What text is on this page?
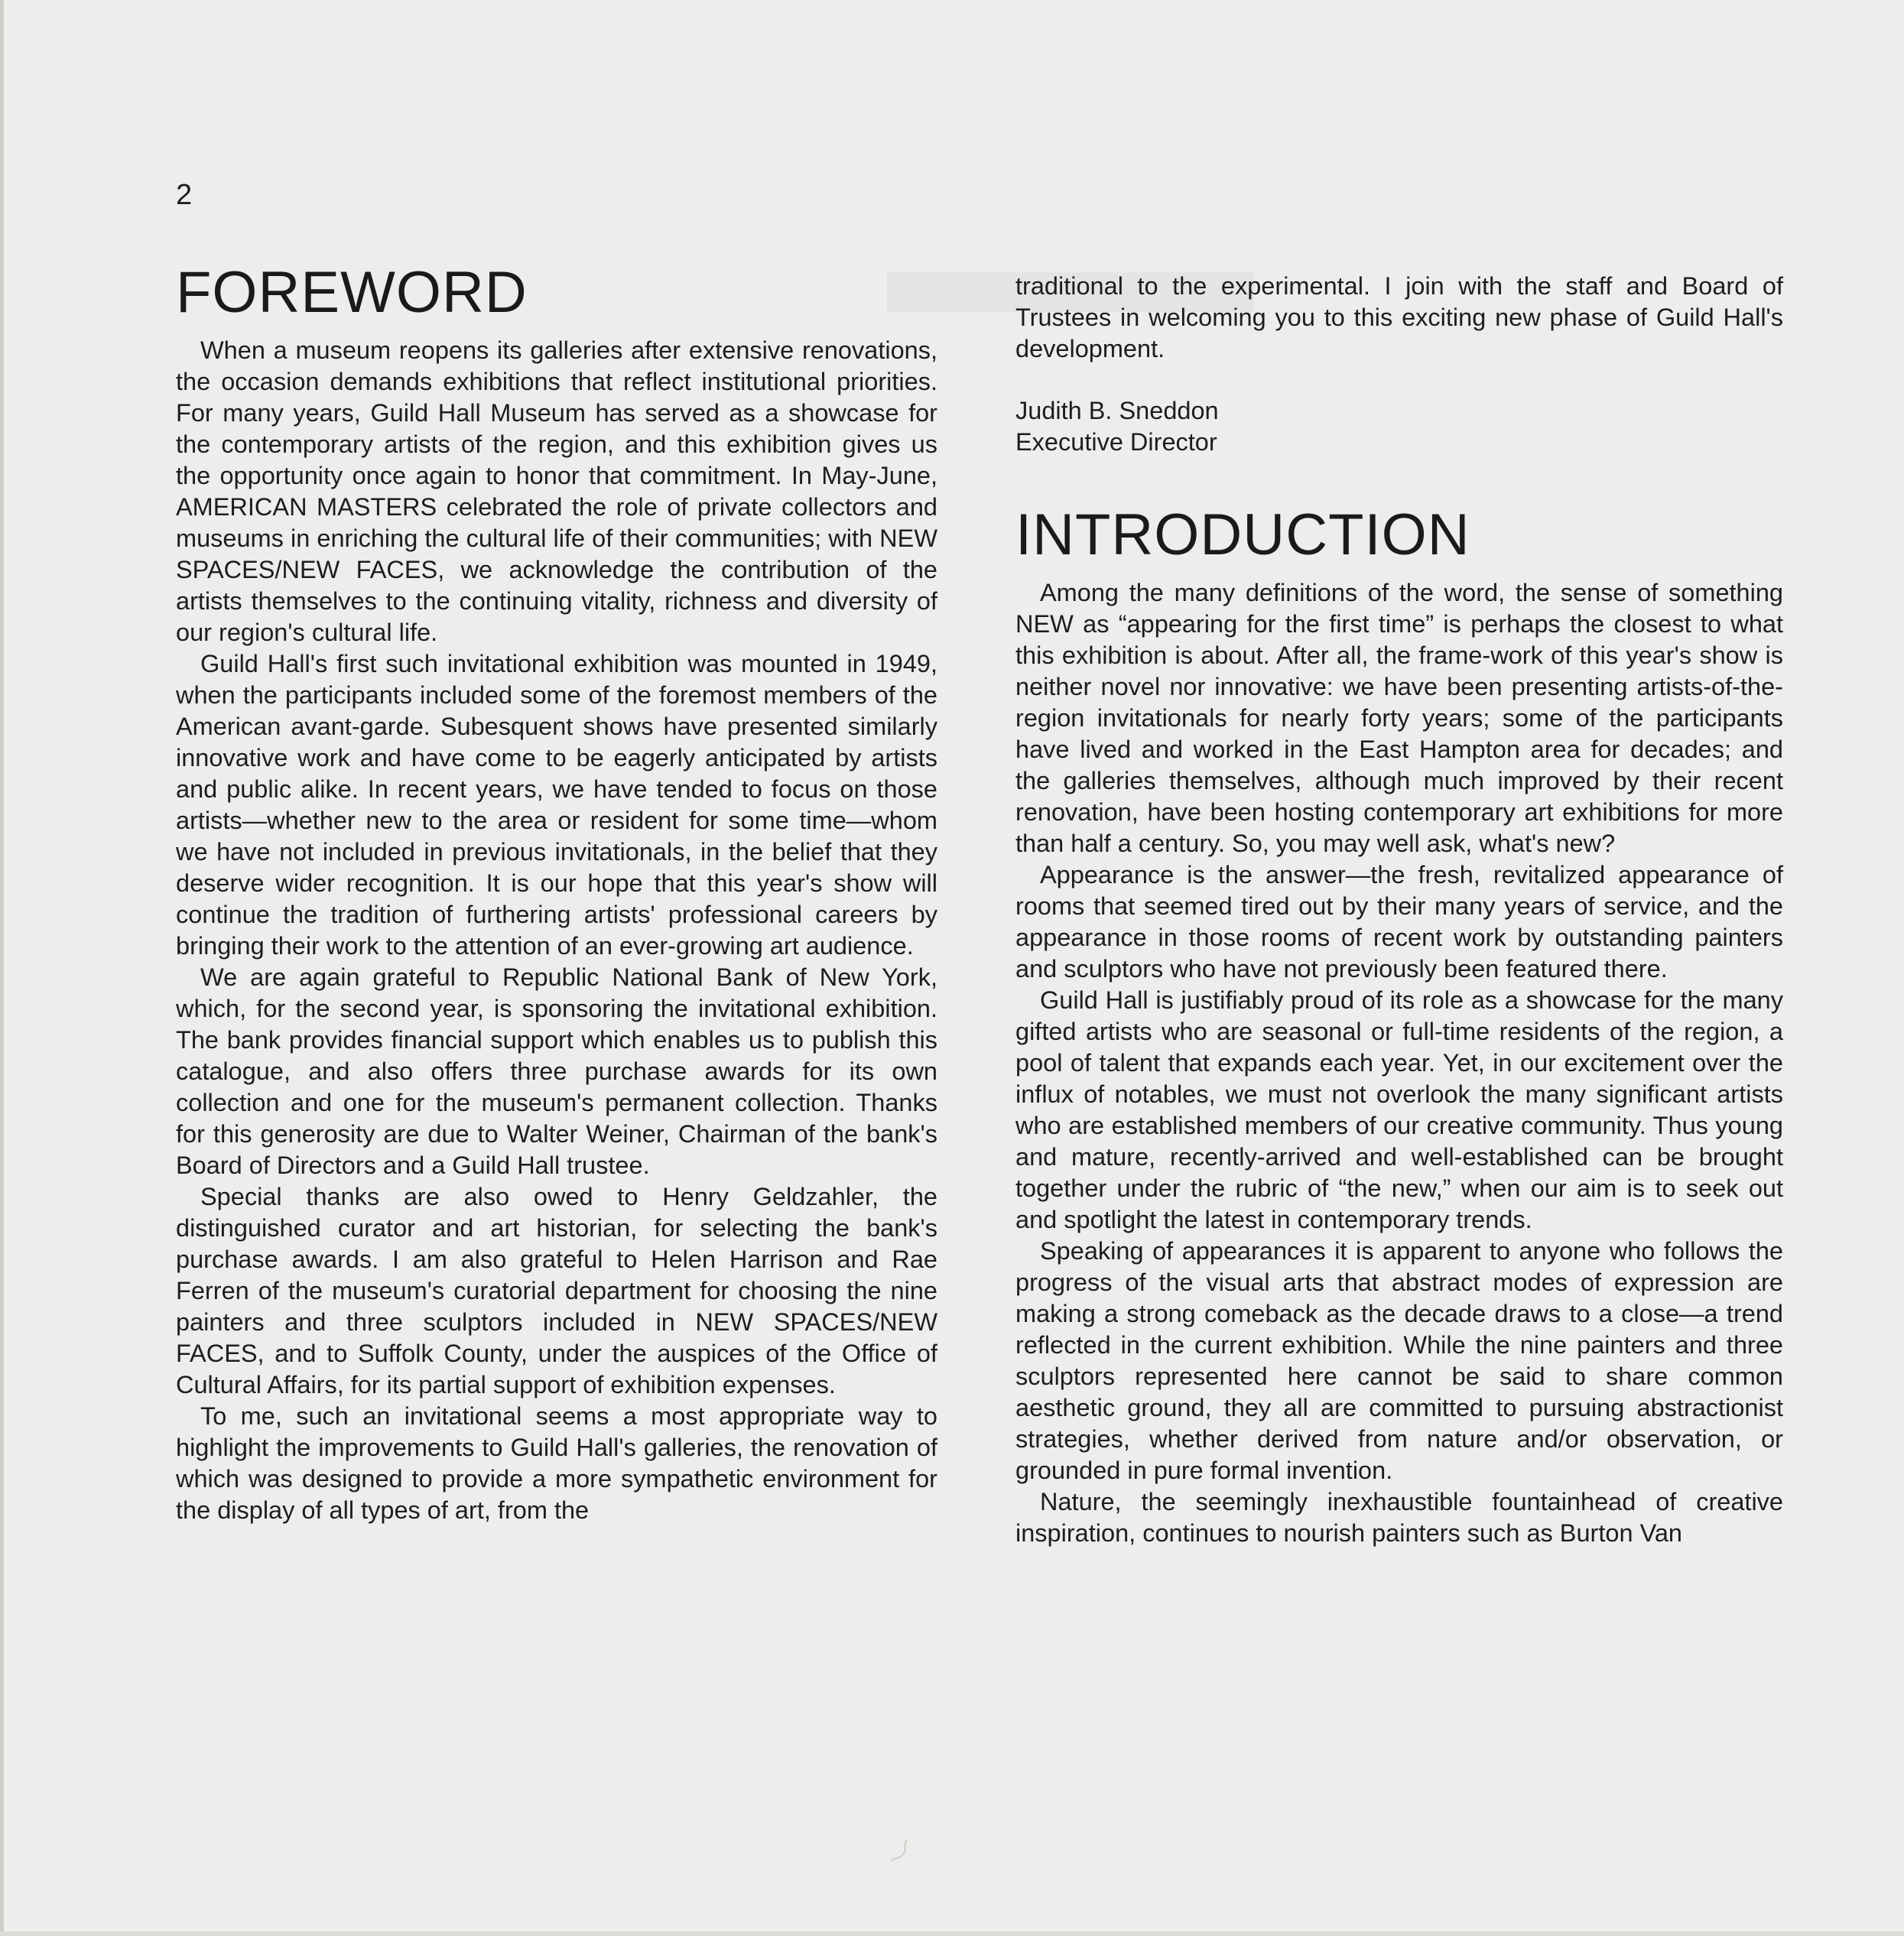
2
FOREWORD

When a museum reopens its galleries after extensive renovations, the occasion demands exhibitions that reflect institutional priorities. For many years, Guild Hall Museum has served as a showcase for the contemporary artists of the region, and this exhibition gives us the opportunity once again to honor that commitment. In May-June, AMERICAN MASTERS celebrated the role of private collectors and museums in enriching the cultural life of their communities; with NEW SPACES/NEW FACES, we acknowledge the contribution of the artists themselves to the continuing vitality, richness and diversity of our region's cultural life.

Guild Hall's first such invitational exhibition was mounted in 1949, when the participants included some of the foremost members of the American avant-garde. Subesquent shows have presented similarly innovative work and have come to be eagerly anticipated by artists and public alike. In recent years, we have tended to focus on those artists—whether new to the area or resident for some time—whom we have not included in previous invitationals, in the belief that they deserve wider recognition. It is our hope that this year's show will continue the tradition of furthering artists' professional careers by bringing their work to the attention of an ever-growing art audience.

We are again grateful to Republic National Bank of New York, which, for the second year, is sponsoring the invitational exhibition. The bank provides financial support which enables us to publish this catalogue, and also offers three purchase awards for its own collection and one for the museum's permanent collection. Thanks for this generosity are due to Walter Weiner, Chairman of the bank's Board of Directors and a Guild Hall trustee.

Special thanks are also owed to Henry Geldzahler, the distinguished curator and art historian, for selecting the bank's purchase awards. I am also grateful to Helen Harrison and Rae Ferren of the museum's curatorial department for choosing the nine painters and three sculptors included in NEW SPACES/NEW FACES, and to Suffolk County, under the auspices of the Office of Cultural Affairs, for its partial support of exhibition expenses.

To me, such an invitational seems a most appropriate way to highlight the improvements to Guild Hall's galleries, the renovation of which was designed to provide a more sympathetic environment for the display of all types of art, from the

traditional to the experimental. I join with the staff and Board of Trustees in welcoming you to this exciting new phase of Guild Hall's development.

Judith B. Sneddon
Executive Director
INTRODUCTION

Among the many definitions of the word, the sense of something NEW as “appearing for the first time” is perhaps the closest to what this exhibition is about. After all, the frame-work of this year's show is neither novel nor innovative: we have been presenting artists-of-the-region invitationals for nearly forty years; some of the participants have lived and worked in the East Hampton area for decades; and the galleries themselves, although much improved by their recent renovation, have been hosting contemporary art exhibitions for more than half a century. So, you may well ask, what's new?

Appearance is the answer—the fresh, revitalized appearance of rooms that seemed tired out by their many years of service, and the appearance in those rooms of recent work by outstanding painters and sculptors who have not previously been featured there.

Guild Hall is justifiably proud of its role as a showcase for the many gifted artists who are seasonal or full-time residents of the region, a pool of talent that expands each year. Yet, in our excitement over the influx of notables, we must not overlook the many significant artists who are established members of our creative community. Thus young and mature, recently-arrived and well-established can be brought together under the rubric of “the new,” when our aim is to seek out and spotlight the latest in contemporary trends.

Speaking of appearances it is apparent to anyone who follows the progress of the visual arts that abstract modes of expression are making a strong comeback as the decade draws to a close—a trend reflected in the current exhibition. While the nine painters and three sculptors represented here cannot be said to share common aesthetic ground, they all are committed to pursuing abstractionist strategies, whether derived from nature and/or observation, or grounded in pure formal invention.

Nature, the seemingly inexhaustible fountainhead of creative inspiration, continues to nourish painters such as Burton Van
